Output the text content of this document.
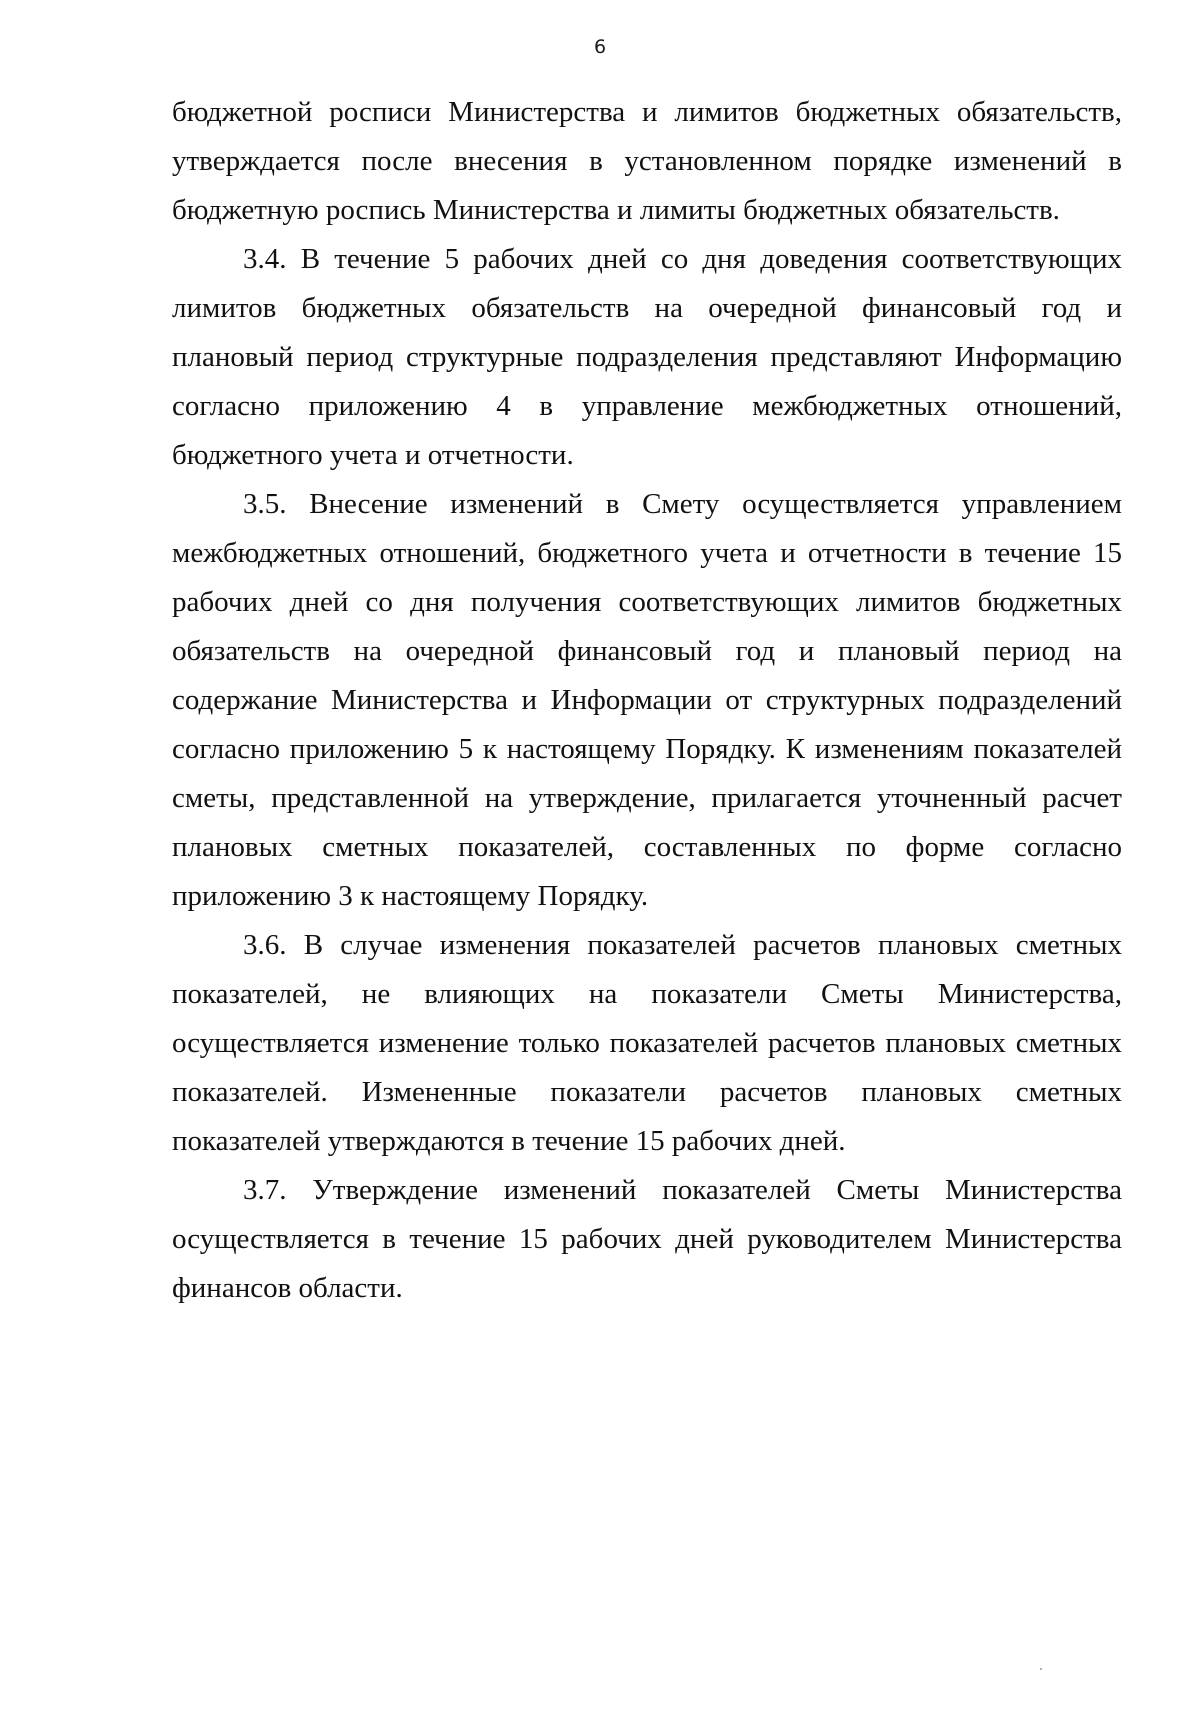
6

бюджетной росписи Министерства и лимитов бюджетных обязательств, утверждается после внесения в установленном порядке изменений в бюджетную роспись Министерства и лимиты бюджетных обязательств.

3.4. В течение 5 рабочих дней со дня доведения соответствующих лимитов бюджетных обязательств на очередной финансовый год и плановый период структурные подразделения представляют Информацию согласно приложению 4 в управление межбюджетных отношений, бюджетного учета и отчетности.

3.5. Внесение изменений в Смету осуществляется управлением межбюджетных отношений, бюджетного учета и отчетности в течение 15 рабочих дней со дня получения соответствующих лимитов бюджетных обязательств на очередной финансовый год и плановый период на содержание Министерства и Информации от структурных подразделений согласно приложению 5 к настоящему Порядку. К изменениям показателей сметы, представленной на утверждение, прилагается уточненный расчет плановых сметных показателей, составленных по форме согласно приложению 3 к настоящему Порядку.

3.6. В случае изменения показателей расчетов плановых сметных показателей, не влияющих на показатели Сметы Министерства, осуществляется изменение только показателей расчетов плановых сметных показателей. Измененные показатели расчетов плановых сметных показателей утверждаются в течение 15 рабочих дней.

3.7. Утверждение изменений показателей Сметы Министерства осуществляется в течение 15 рабочих дней руководителем Министерства финансов области.
